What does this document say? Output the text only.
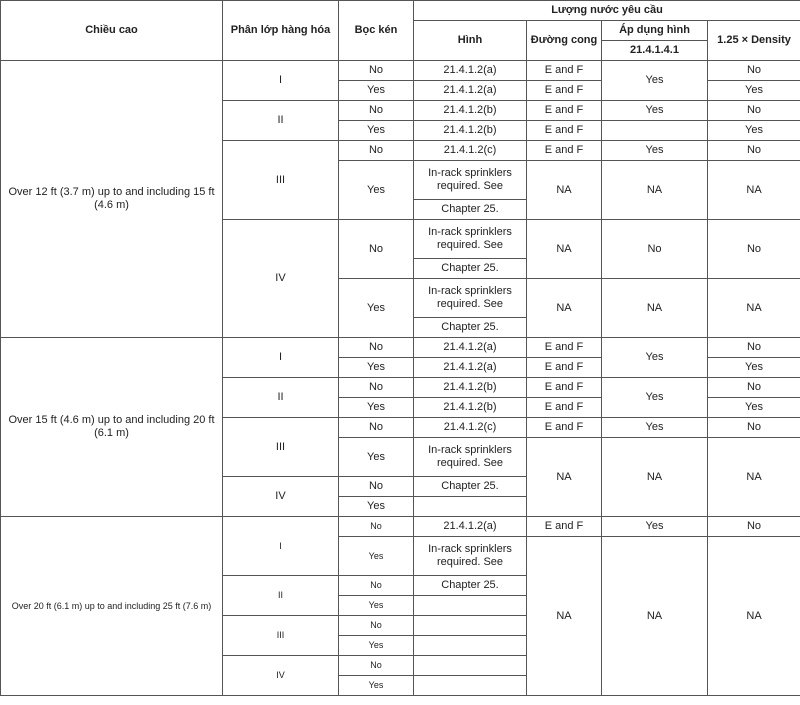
Chiều cao	Phân lớp hàng hóa	Bọc kén	Lượng nước yêu cầu			
			Hình	Đường cong	Áp dụng hình	1.25 × Density
					21.4.1.4.1	
Over 12 ft (3.7 m) up to and including 15 ft (4.6 m)	I	No	21.4.1.2(a)	E and F	Yes	No
		Yes	21.4.1.2(a)	E and F		Yes
	II	No	21.4.1.2(b)	E and F	Yes	No
		Yes	21.4.1.2(b)	E and F		Yes
	III	No	21.4.1.2(c)	E and F	Yes	No
		Yes	In-rack sprinklers required. See	NA	NA	NA

			Chapter 25.			
	IV	No	In-rack sprinklers required. See	NA	No	No

			Chapter 25.			
		Yes	In-rack sprinklers required. See	NA	NA	NA

			Chapter 25.			
Over 15 ft (4.6 m) up to and including 20 ft (6.1 m)	I	No	21.4.1.2(a)	E and F	Yes	No
		Yes	21.4.1.2(a)	E and F		Yes
	II	No	21.4.1.2(b)	E and F	Yes	No
		Yes	21.4.1.2(b)	E and F		Yes
	III	No	21.4.1.2(c)	E and F	Yes	No
		Yes	In-rack sprinklers required. See	NA	NA	NA

	IV	No	Chapter 25.			
		Yes				
Over 20 ft (6.1 m) up to and including 25 ft (7.6 m)	I	No	21.4.1.2(a)	E and F	Yes	No
		Yes	In-rack sprinklers required. See	NA	NA	NA

	II	No	Chapter 25.			
		Yes				
	III	No				
		Yes				
	IV	No				
		Yes				
